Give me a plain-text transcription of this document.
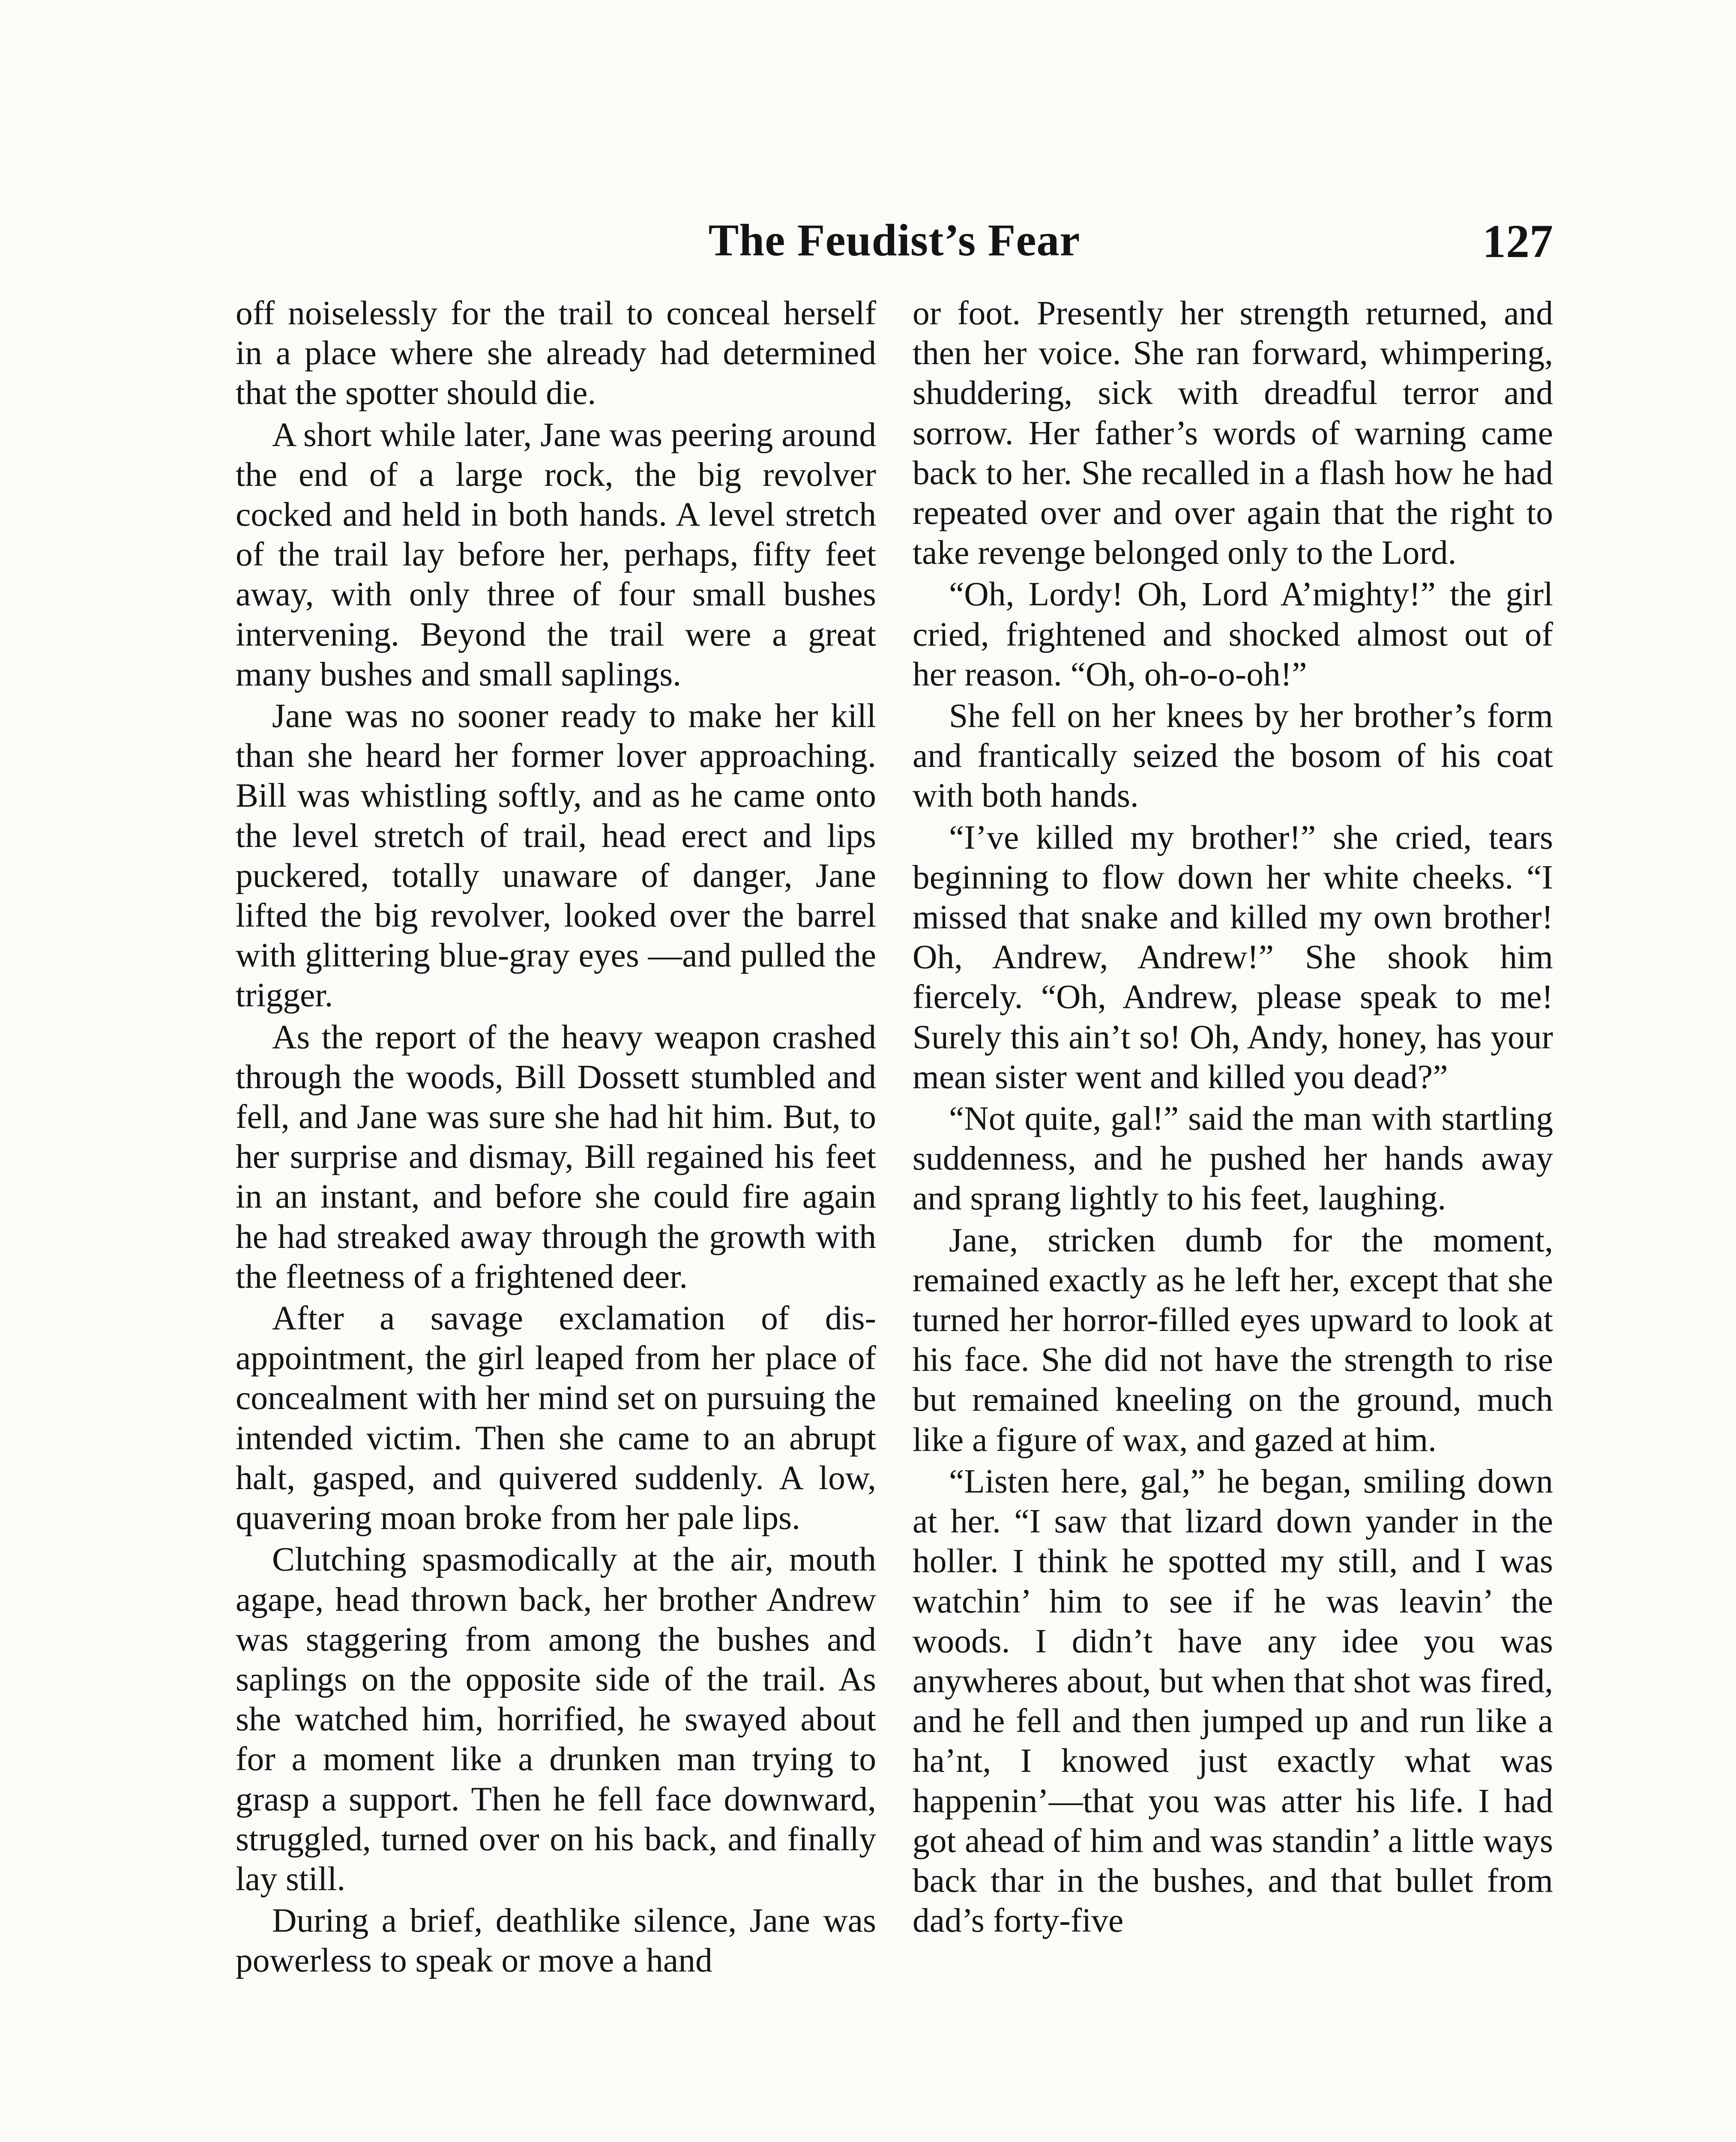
The Feudist’s Fear	127

off noiselessly for the trail to conceal herself in a place where she already had determined that the spotter should die.

A short while later, Jane was peering around the end of a large rock, the big revolver cocked and held in both hands. A level stretch of the trail lay before her, perhaps, fifty feet away, with only three of four small bushes intervening. Beyond the trail were a great many bushes and small saplings.

Jane was no sooner ready to make her kill than she heard her former lover approaching. Bill was whistling softly, and as he came onto the level stretch of trail, head erect and lips puckered, totally unaware of danger, Jane lifted the big revolver, looked over the barrel with glittering blue-gray eyes —and pulled the trigger.

As the report of the heavy weapon crashed through the woods, Bill Dossett stumbled and fell, and Jane was sure she had hit him. But, to her surprise and dismay, Bill regained his feet in an instant, and before she could fire again he had streaked away through the growth with the fleetness of a frightened deer.

After a savage exclamation of disappointment, the girl leaped from her place of concealment with her mind set on pursuing the intended victim. Then she came to an abrupt halt, gasped, and quivered suddenly. A low, quavering moan broke from her pale lips.

Clutching spasmodically at the air, mouth agape, head thrown back, her brother Andrew was staggering from among the bushes and saplings on the opposite side of the trail. As she watched him, horrified, he swayed about for a moment like a drunken man trying to grasp a support. Then he fell face downward, struggled, turned over on his back, and finally lay still.

During a brief, deathlike silence, Jane was powerless to speak or move a hand

or foot. Presently her strength returned, and then her voice. She ran forward, whimpering, shuddering, sick with dreadful terror and sorrow. Her father’s words of warning came back to her. She recalled in a flash how he had repeated over and over again that the right to take revenge belonged only to the Lord.

“Oh, Lordy! Oh, Lord A’mighty!” the girl cried, frightened and shocked almost out of her reason. “Oh, oh-o-o-oh!”

She fell on her knees by her brother’s form and frantically seized the bosom of his coat with both hands.

“I’ve killed my brother!” she cried, tears beginning to flow down her white cheeks. “I missed that snake and killed my own brother! Oh, Andrew, Andrew!” She shook him fiercely. “Oh, Andrew, please speak to me! Surely this ain’t so! Oh, Andy, honey, has your mean sister went and killed you dead?”

“Not quite, gal!” said the man with startling suddenness, and he pushed her hands away and sprang lightly to his feet, laughing.

Jane, stricken dumb for the moment, remained exactly as he left her, except that she turned her horror-filled eyes upward to look at his face. She did not have the strength to rise but remained kneeling on the ground, much like a figure of wax, and gazed at him.

“Listen here, gal,” he began, smiling down at her. “I saw that lizard down yander in the holler. I think he spotted my still, and I was watchin’ him to see if he was leavin’ the woods. I didn’t have any idee you was anywheres about, but when that shot was fired, and he fell and then jumped up and run like a ha’nt, I knowed just exactly what was happenin’—that you was atter his life. I had got ahead of him and was standin’ a little ways back thar in the bushes, and that bullet from dad’s forty-five
